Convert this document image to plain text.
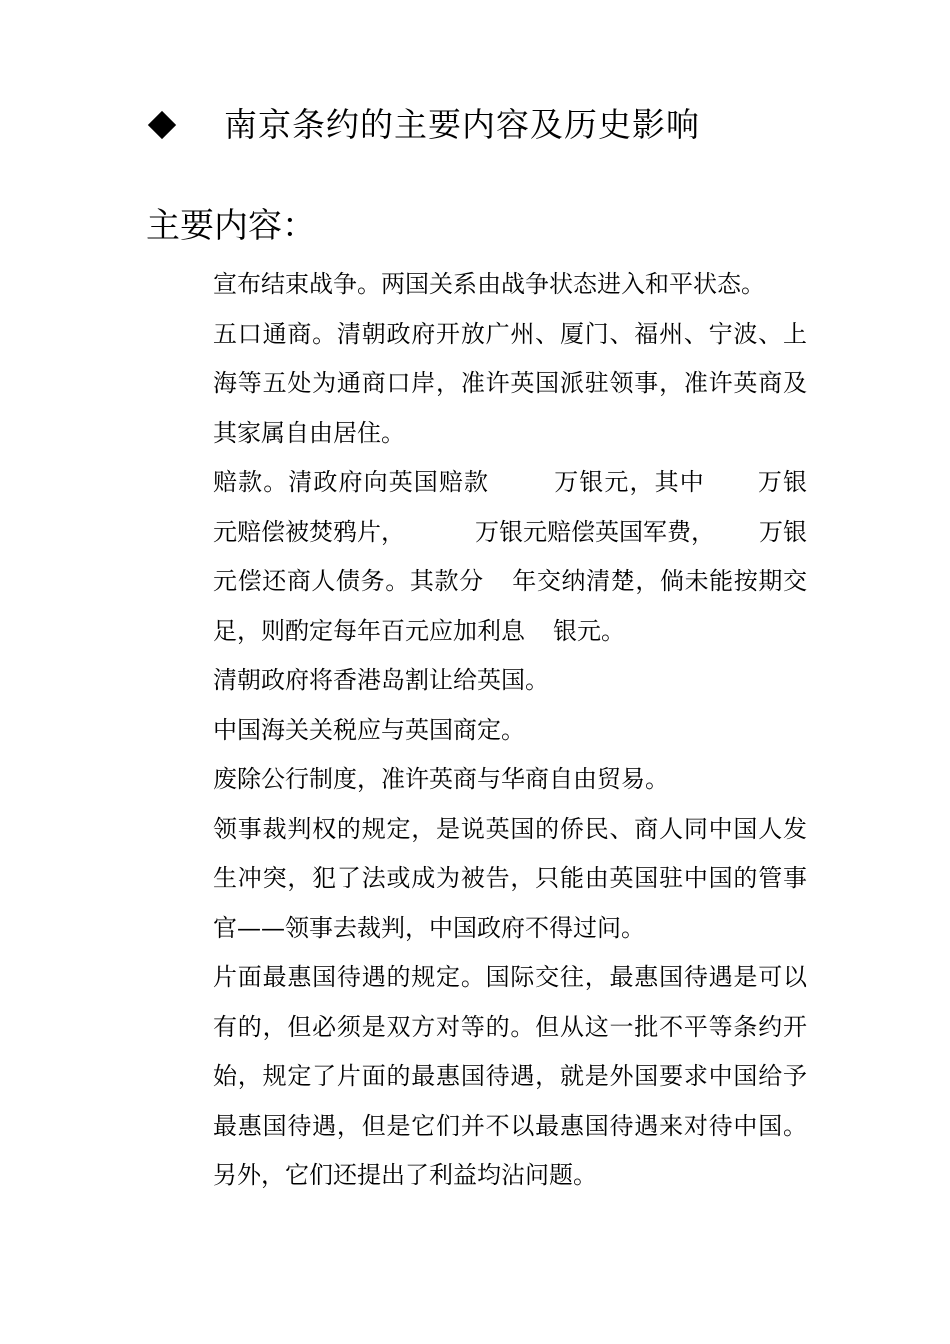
南京条约的主要内容及历史影响
主要内容：

宣布结束战争。两国关系由战争状态进入和平状态。

五口通商。清朝政府开放广州、厦门、福州、宁波、上海等五处为通商口岸，准许英国派驻领事，准许英商及其家属自由居住。

赔款。清政府向英国赔款	万银元，其中 万银元赔偿被焚鸦片，	万银元赔偿英国军费， 万银元偿还商人债务。其款分 年交纳清楚，倘未能按期交足，则酌定每年百元应加利息 银元。

清朝政府将香港岛割让给英国。

中国海关关税应与英国商定。

废除公行制度，准许英商与华商自由贸易。

领事裁判权的规定，是说英国的侨民、商人同中国人发生冲突，犯了法或成为被告，只能由英国驻中国的管事官——领事去裁判，中国政府不得过问。

片面最惠国待遇的规定。国际交往，最惠国待遇是可以有的，但必须是双方对等的。但从这一批不平等条约开始，规定了片面的最惠国待遇，就是外国要求中国给予最惠国待遇，但是它们并不以最惠国待遇来对待中国。另外，它们还提出了利益均沾问题。
